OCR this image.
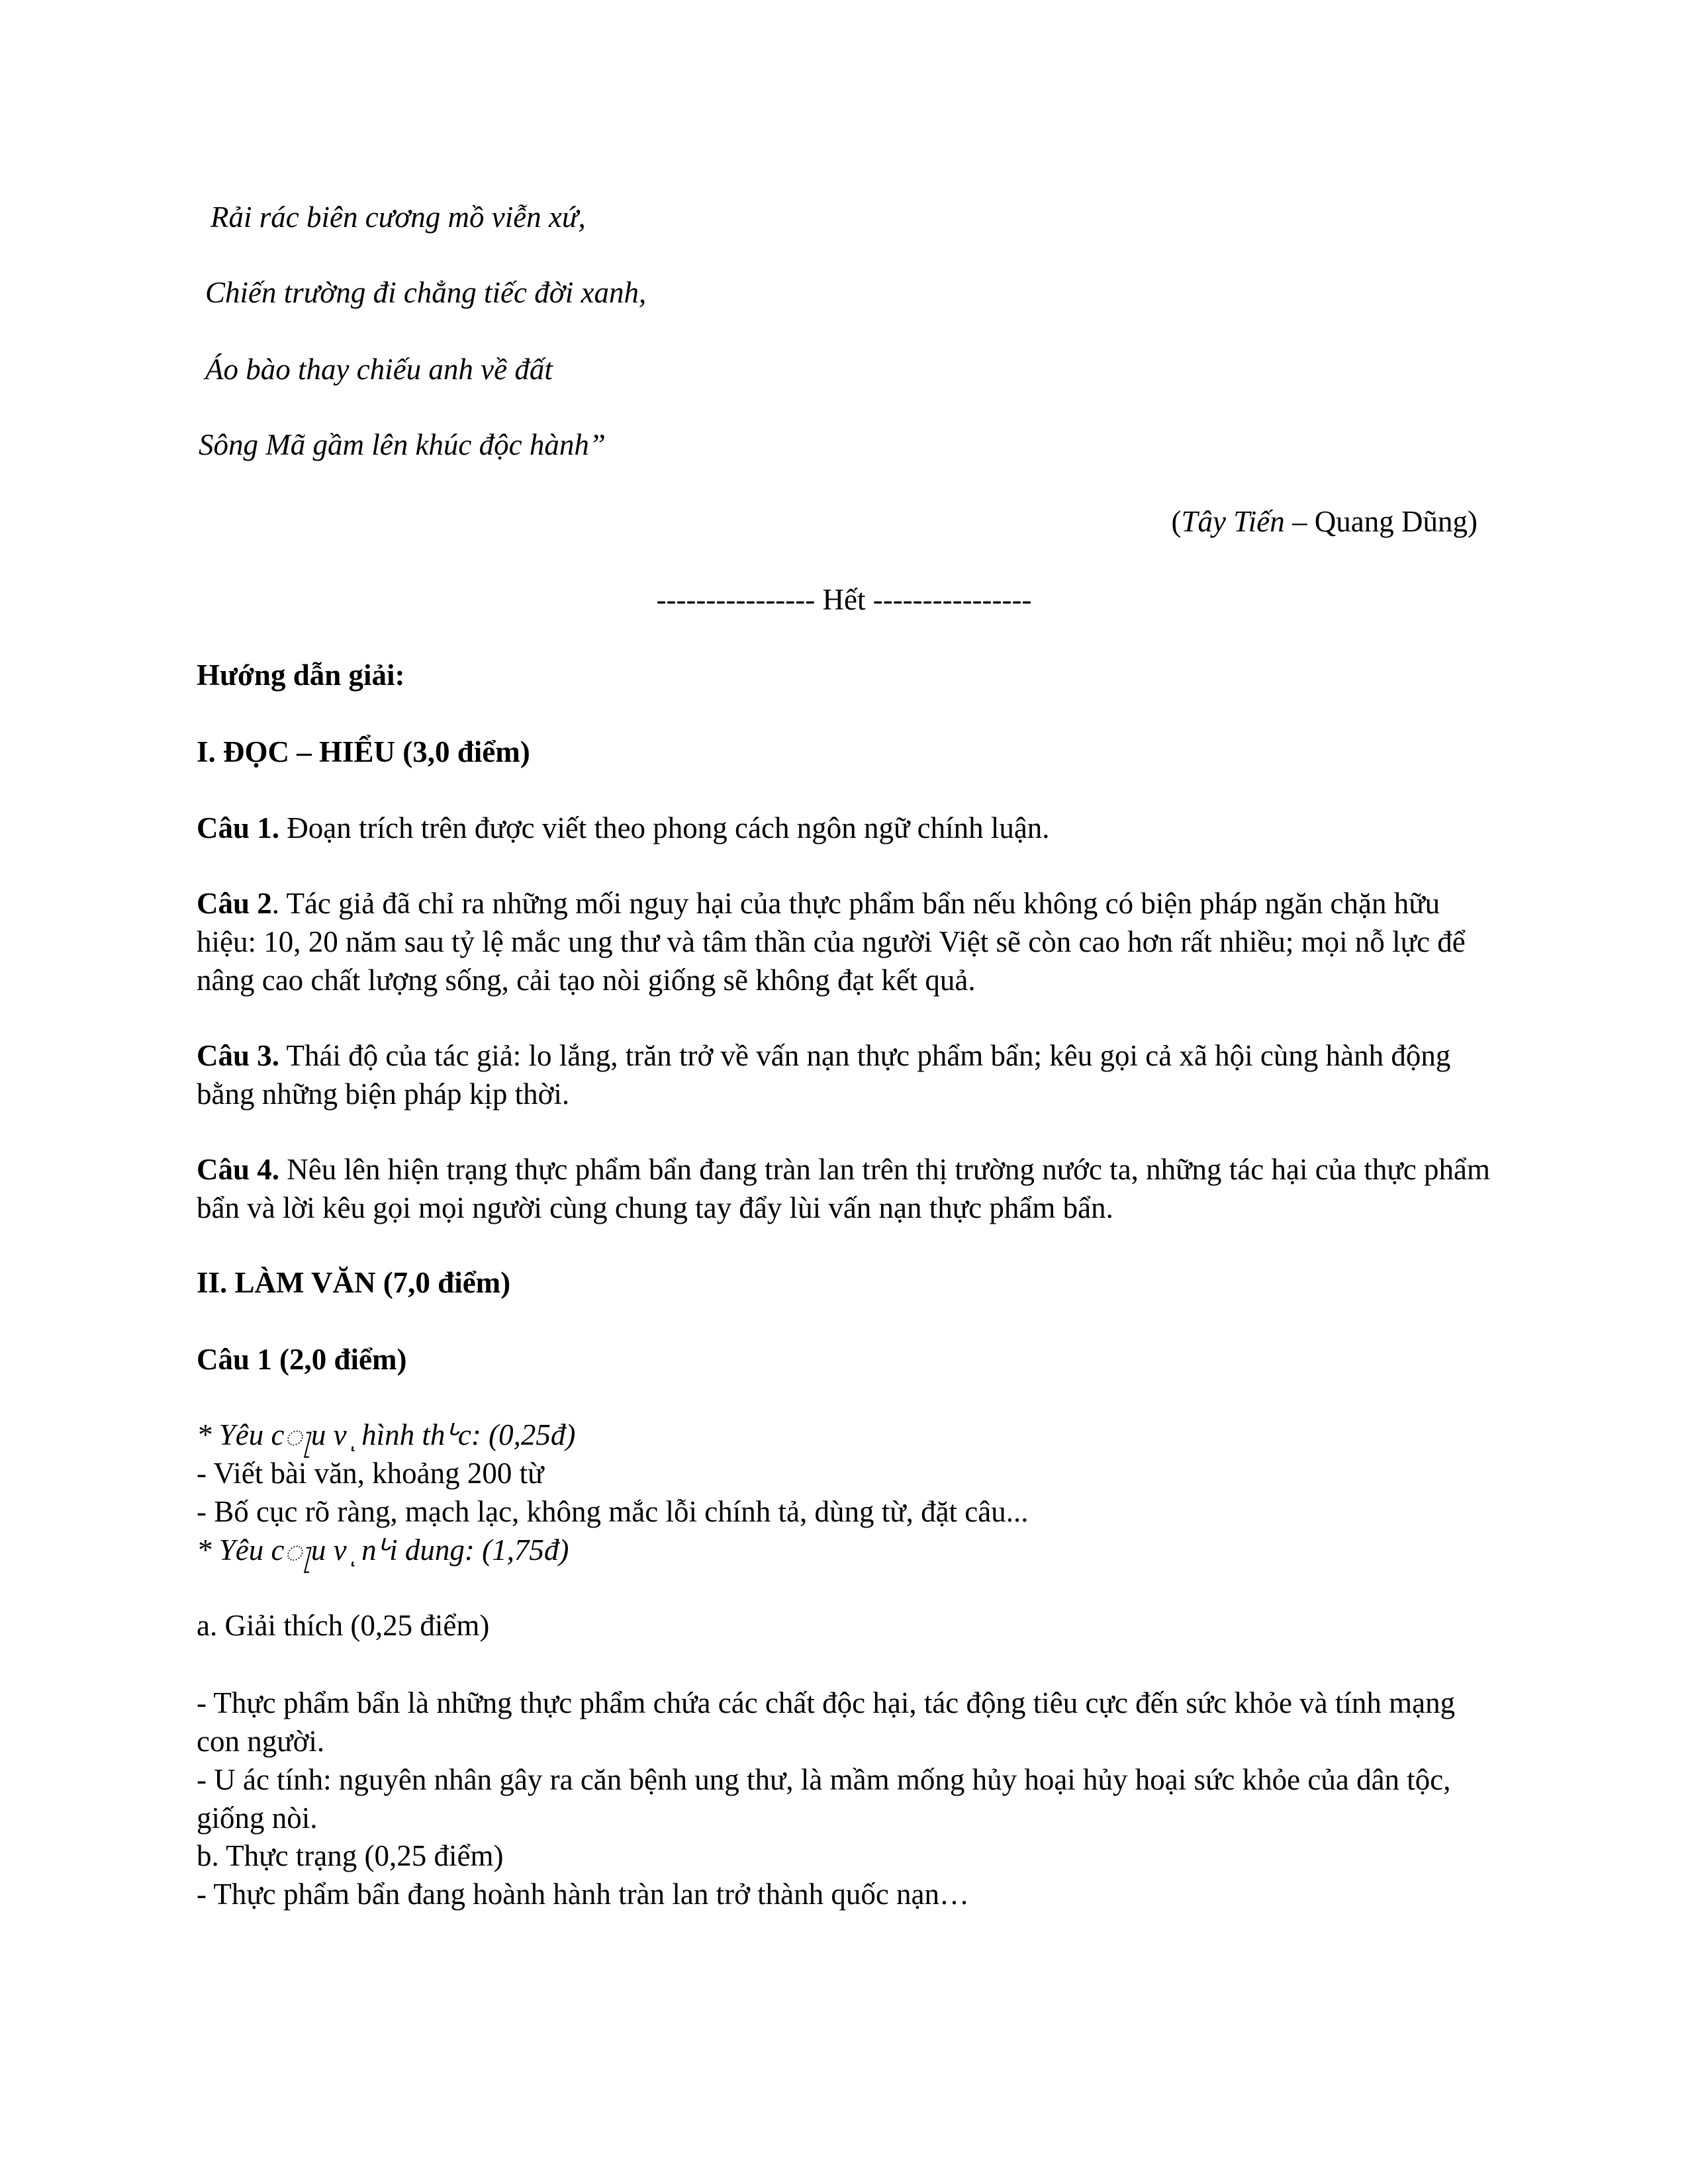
Rải rác biên cương mồ viễn xứ,
Chiến trường đi chẳng tiếc đời xanh,
Áo bào thay chiếu anh về đất
Sông Mã gầm lên khúc độc hành”
(Tây Tiến – Quang Dũng)
---------------- Hết ----------------
Hướng dẫn giải:
I. ĐỌC – HIỂU (3,0 điểm)

Câu 1. Đoạn trích trên được viết theo phong cách ngôn ngữ chính luận.

Câu 2. Tác giả đã chỉ ra những mối nguy hại của thực phẩm bẩn nếu không có biện pháp ngăn chặn hữu hiệu: 10, 20 năm sau tỷ lệ mắc ung thư và tâm thần của người Việt sẽ còn cao hơn rất nhiều; mọi nỗ lực để nâng cao chất lượng sống, cải tạo nòi giống sẽ không đạt kết quả.

Câu 3. Thái độ của tác giả: lo lắng, trăn trở về vấn nạn thực phẩm bẩn; kêu gọi cả xã hội cùng hành động bằng những biện pháp kịp thời.

Câu 4. Nêu lên hiện trạng thực phẩm bẩn đang tràn lan trên thị trường nước ta, những tác hại của thực phẩm bẩn và lời kêu gọi mọi người cùng chung tay đẩy lùi vấn nạn thực phẩm bẩn.

II. LÀM VĂN (7,0 điểm)
Câu 1 (2,0 điểm)
* Yêu cႃu v ͅ hình thᒡc: (0,25đ)
- Viết bài văn, khoảng 200 từ
- Bố cục rõ ràng, mạch lạc, không mắc lỗi chính tả, dùng từ, đặt câu...
* Yêu cႃu v ͅ nᒡi dung: (1,75đ)
a. Giải thích (0,25 điểm)

- Thực phẩm bẩn là những thực phẩm chứa các chất độc hại, tác động tiêu cực đến sức khỏe và tính mạng con người.

- U ác tính: nguyên nhân gây ra căn bệnh ung thư, là mầm mống hủy hoại hủy hoại sức khỏe của dân tộc, giống nòi.

b. Thực trạng (0,25 điểm)
- Thực phẩm bẩn đang hoành hành tràn lan trở thành quốc nạn…
